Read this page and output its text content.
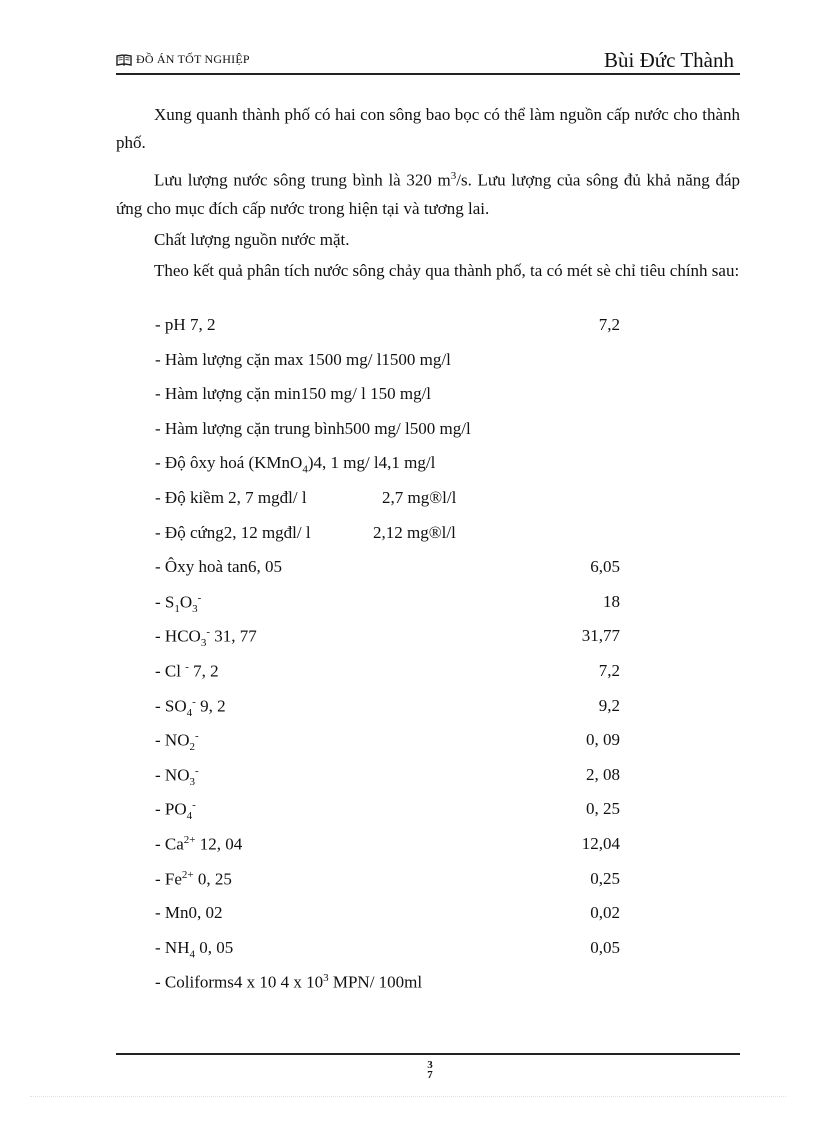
ĐỒ ÁN TỐT NGHIỆP	Bùi Đức Thành

Xung quanh thành phố có hai con sông bao bọc có thể làm nguồn cấp nước cho thành phố.

Lưu lượng nước sông trung bình là 320 $m^3/s$. Lưu lượng của sông đủ khả năng đáp ứng cho mục đích cấp nước trong hiện tại và tương lai.

Chất lượng nguồn nước mặt.

Theo kết quả phân tích nước sông chảy qua thành phố, ta có mét sè chỉ tiêu chính sau:

- pH 7, 2	7,2
- Hàm lượng cặn max 1500 mg/ l1500 mg/l
- Hàm lượng cặn min150 mg/ l 150 mg/l
- Hàm lượng cặn trung bình500 mg/ l500 mg/l
- Độ ôxy hoá (KMnO$_4$)4, 1 mg/ l4,1 mg/l
- Độ kiềm 2, 7 mgđl/ l	2,7 mg®l/l
- Độ cứng2, 12 mgđl/ l	2,12 mg®l/l
- Ôxy hoà tan6, 05	6,05
- $S_1O_3^-$	18
- $HCO_3^-$ 31, 77	31,77
- Cl - 7, 2	7,2
- $SO_4^-$ 9, 2	9,2
- $NO_2^-$	0, 09
- $NO_3^-$	2, 08
- $PO_4^-$	0, 25
- $Ca^{2+}$ 12, 04	12,04
- $Fe^{2+}$ 0, 25	0,25
- Mn0, 02	0,02
- $NH_4$ 0, 05	0,05
- Coliforms4 x 10 4 x $10^3$ MPN/ 100ml
3
7
